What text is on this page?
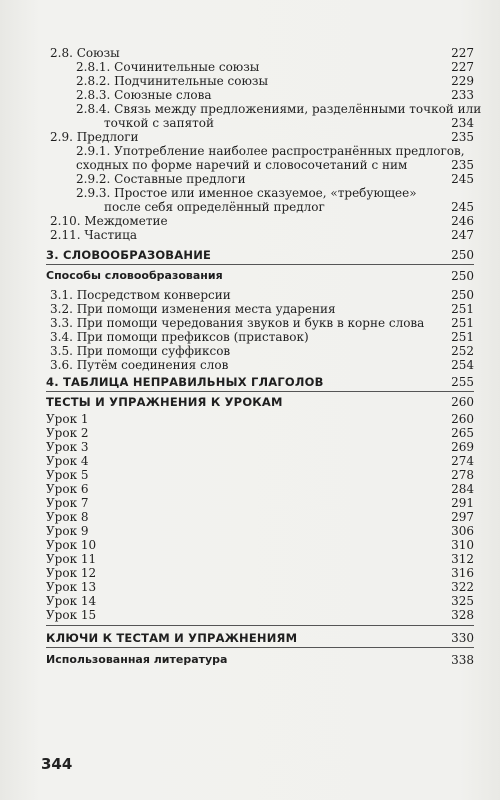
2.8. Союзы	227
2.8.1. Сочинительные союзы	227
2.8.2. Подчинительные союзы	229
2.8.3. Союзные слова	233
2.8.4. Связь между предложениями, разделёнными точкой или
точкой с запятой	234
2.9. Предлоги	235
2.9.1. Употребление наиболее распространённых предлогов,
сходных по форме наречий и словосочетаний с ним	235
2.9.2. Составные предлоги	245
2.9.3. Простое или именное сказуемое, «требующее»
после себя определённый предлог	245
2.10. Междометие	246
2.11. Частица	247
3. СЛОВООБРАЗОВАНИЕ	250
Способы словообразования	250
3.1. Посредством конверсии	250
3.2. При помощи изменения места ударения	251
3.3. При помощи чередования звуков и букв в корне слова 251
3.4. При помощи префиксов (приставок)	251
3.5. При помощи суффиксов	252
3.6. Путём соединения слов	254
4. ТАБЛИЦА НЕПРАВИЛЬНЫХ ГЛАГОЛОВ	255
ТЕСТЫ И УПРАЖНЕНИЯ К УРОКАМ	260
Урок 1	260
Урок 2	265
Урок 3	269
Урок 4	274
Урок 5	278
Урок 6	284
Урок 7	291
Урок 8	297
Урок 9	306
Урок 10	310
Урок 11	312
Урок 12	316
Урок 13	322
Урок 14	325
Урок 15	328
КЛЮЧИ К ТЕСТАМ И УПРАЖНЕНИЯМ	330
Использованная литература	338
344
